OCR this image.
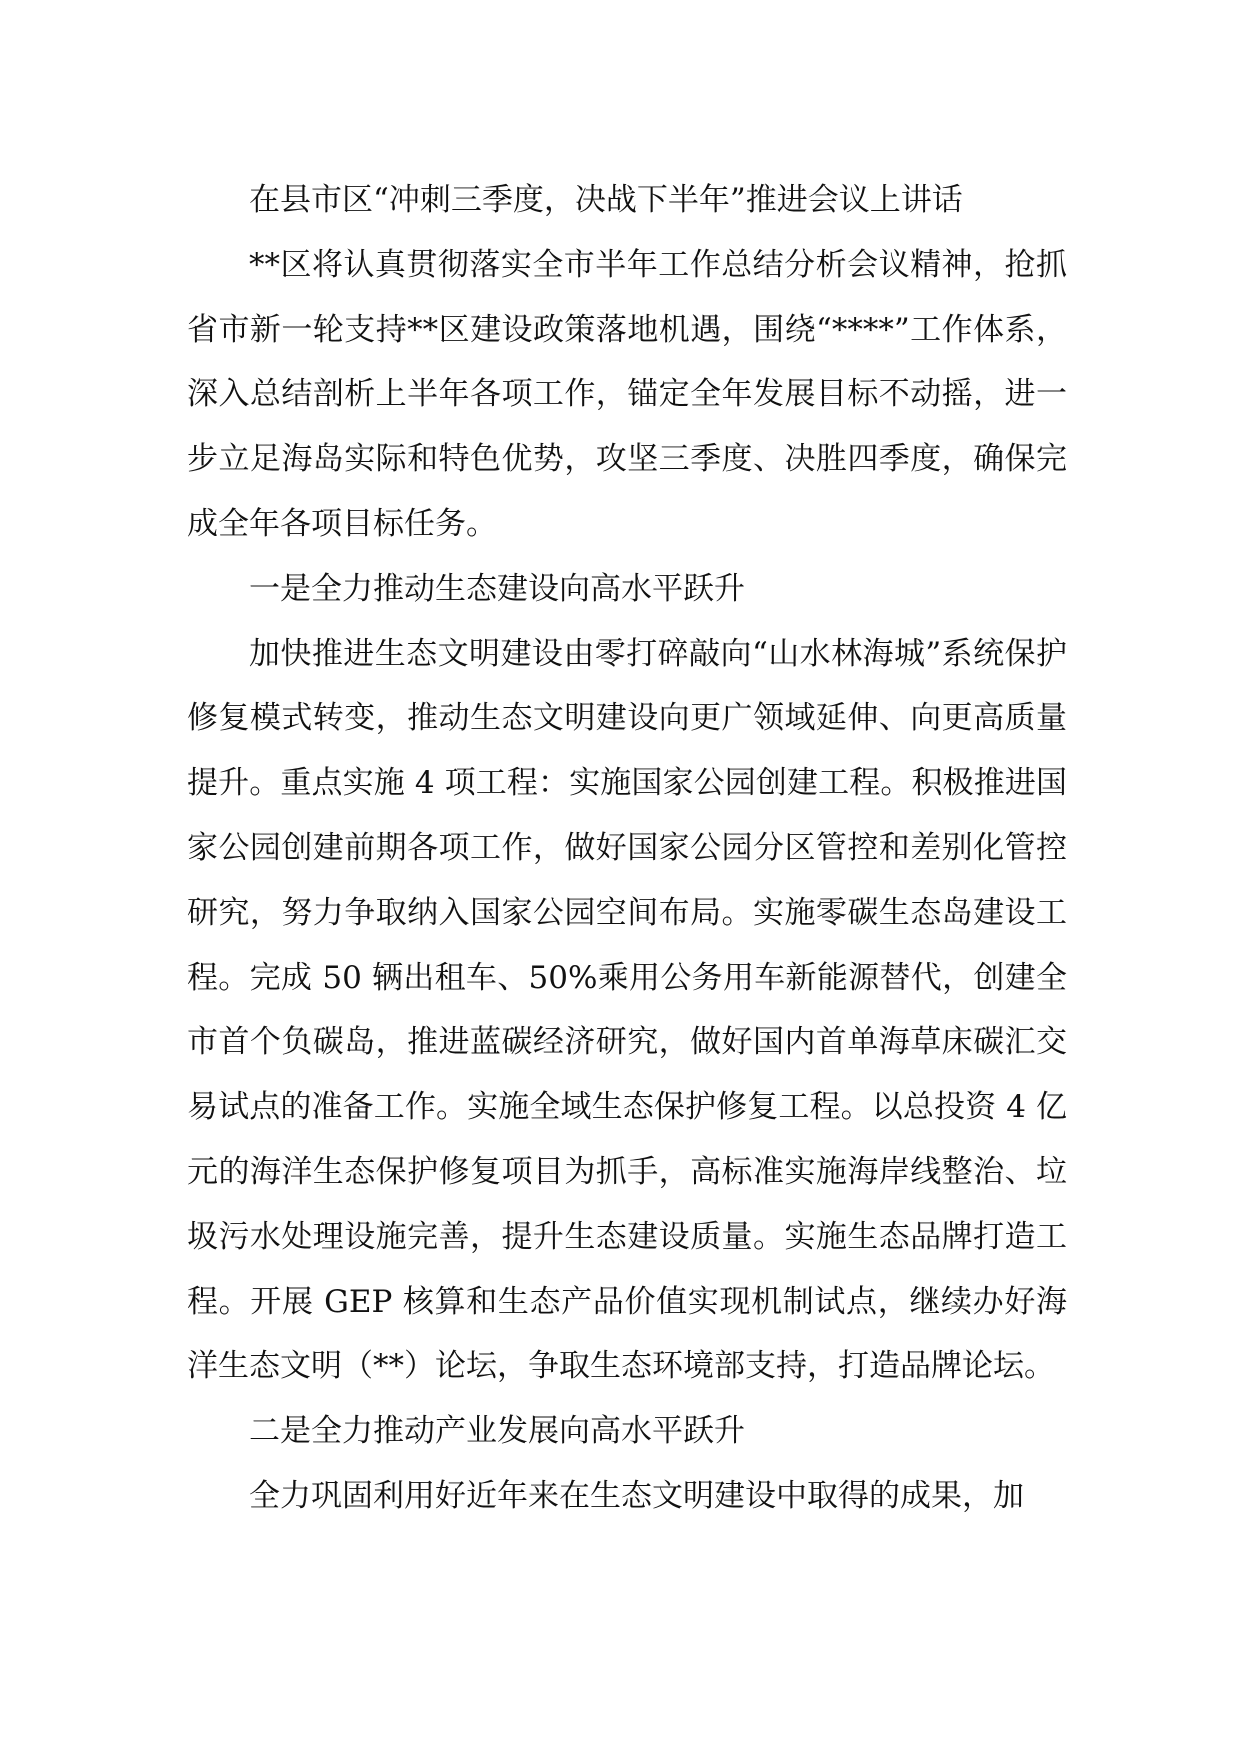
在县市区“冲刺三季度，决战下半年”推进会议上讲话

**区将认真贯彻落实全市半年工作总结分析会议精神，抢抓省市新一轮支持**区建设政策落地机遇，围绕“****”工作体系，深入总结剖析上半年各项工作，锚定全年发展目标不动摇，进一步立足海岛实际和特色优势，攻坚三季度、决胜四季度，确保完成全年各项目标任务。

一是全力推动生态建设向高水平跃升

加快推进生态文明建设由零打碎敲向“山水林海城”系统保护修复模式转变，推动生态文明建设向更广领域延伸、向更高质量提升。重点实施 4 项工程：实施国家公园创建工程。积极推进国家公园创建前期各项工作，做好国家公园分区管控和差别化管控研究，努力争取纳入国家公园空间布局。实施零碳生态岛建设工程。完成 50 辆出租车、50%乘用公务用车新能源替代，创建全市首个负碳岛，推进蓝碳经济研究，做好国内首单海草床碳汇交易试点的准备工作。实施全域生态保护修复工程。以总投资 4 亿元的海洋生态保护修复项目为抓手，高标准实施海岸线整治、垃圾污水处理设施完善，提升生态建设质量。实施生态品牌打造工程。开展 GEP 核算和生态产品价值实现机制试点，继续办好海洋生态文明（**）论坛，争取生态环境部支持，打造品牌论坛。

二是全力推动产业发展向高水平跃升

全力巩固利用好近年来在生态文明建设中取得的成果，加
